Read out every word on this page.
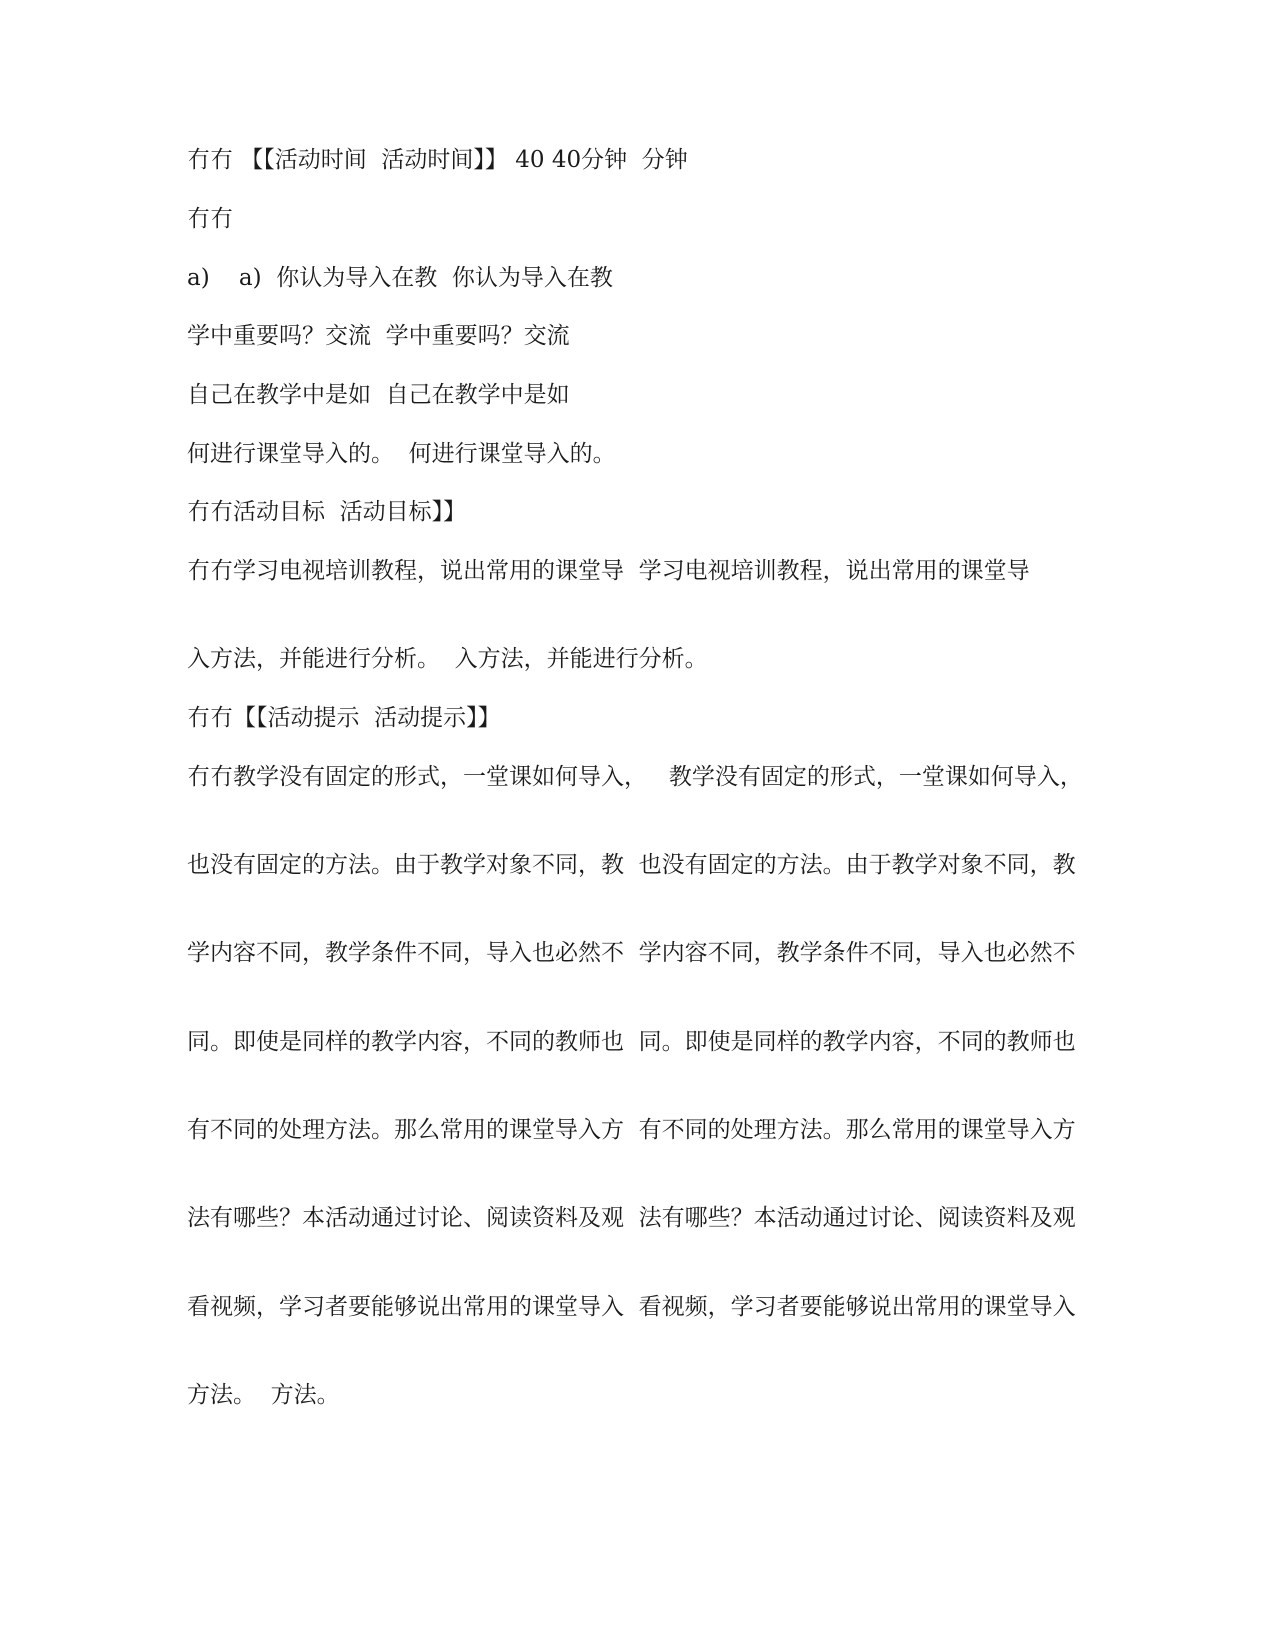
冇冇 【【活动时间  活动时间】】 40 40分钟  分钟

冇冇

a)    a)  你认为导入在教  你认为导入在教

学中重要吗？交流  学中重要吗？交流

自己在教学中是如  自己在教学中是如

何进行课堂导入的。  何进行课堂导入的。

冇冇活动目标  活动目标】】

冇冇学习电视培训教程，说出常用的课堂导  学习电视培训教程，说出常用的课堂导

入方法，并能进行分析。  入方法，并能进行分析。

冇冇【【活动提示  活动提示】】

冇冇教学没有固定的形式，一堂课如何导入，   教学没有固定的形式，一堂课如何导入，

也没有固定的方法。由于教学对象不同，教  也没有固定的方法。由于教学对象不同，教

学内容不同，教学条件不同，导入也必然不  学内容不同，教学条件不同，导入也必然不

同。即使是同样的教学内容，不同的教师也  同。即使是同样的教学内容，不同的教师也

有不同的处理方法。那么常用的课堂导入方  有不同的处理方法。那么常用的课堂导入方

法有哪些？本活动通过讨论、阅读资料及观  法有哪些？本活动通过讨论、阅读资料及观

看视频，学习者要能够说出常用的课堂导入  看视频，学习者要能够说出常用的课堂导入

方法。  方法。
